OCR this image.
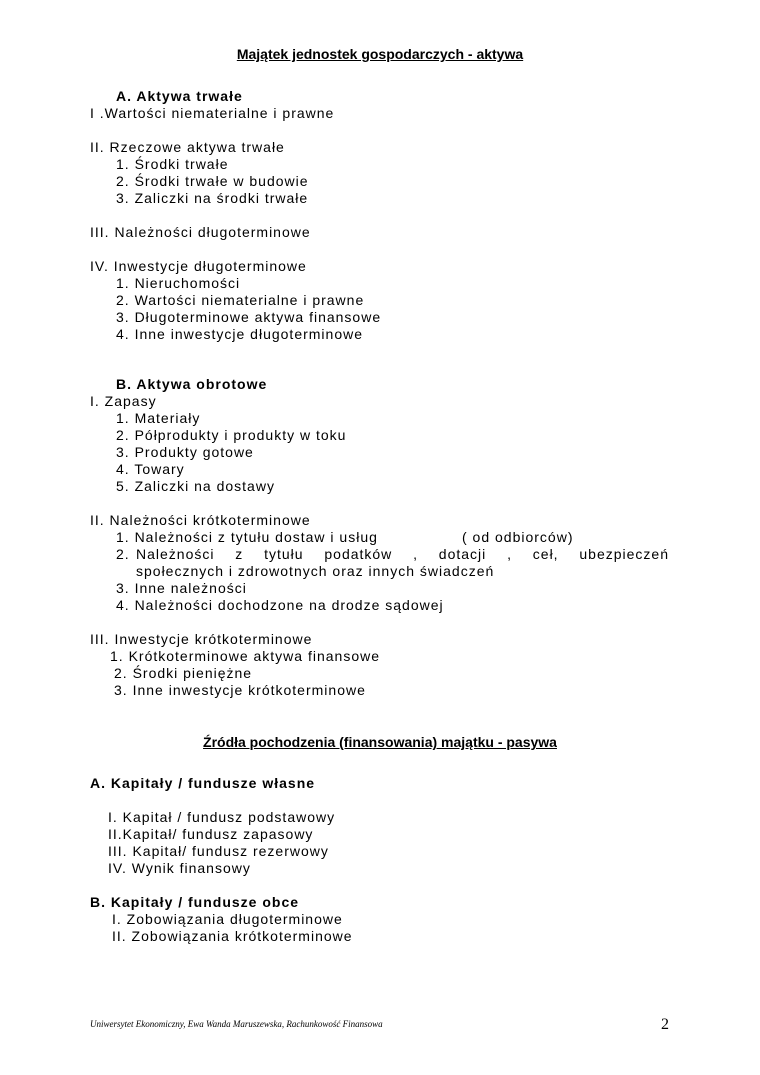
Majątek jednostek gospodarczych - aktywa
A. Aktywa trwałe
I .Wartości niematerialne i prawne
II. Rzeczowe aktywa trwałe
1. Środki trwałe
2. Środki trwałe w budowie
3. Zaliczki na środki trwałe
III. Należności długoterminowe
IV. Inwestycje długoterminowe
1. Nieruchomości
2. Wartości niematerialne i prawne
3. Długoterminowe aktywa finansowe
4. Inne inwestycje długoterminowe
B. Aktywa obrotowe
I. Zapasy
1. Materiały
2. Półprodukty i produkty w toku
3. Produkty gotowe
4. Towary
5. Zaliczki na dostawy
II. Należności krótkoterminowe
1. Należności z tytułu dostaw i usług	( od odbiorców)
2. Należności z tytułu podatków , dotacji , ceł, ubezpieczeń
społecznych i zdrowotnych oraz innych świadczeń
3. Inne należności
4. Należności dochodzone na drodze sądowej
III. Inwestycje krótkoterminowe
1. Krótkoterminowe aktywa finansowe
2. Środki pieniężne
3. Inne inwestycje krótkoterminowe
Źródła pochodzenia (finansowania) majątku - pasywa
A. Kapitały / fundusze własne
I. Kapitał / fundusz podstawowy
II.Kapitał/ fundusz zapasowy
III. Kapitał/ fundusz rezerwowy
IV. Wynik finansowy
B. Kapitały / fundusze obce
I. Zobowiązania długoterminowe
II. Zobowiązania krótkoterminowe
Uniwersytet Ekonomiczny, Ewa Wanda Maruszewska, Rachunkowość Finansowa	2
